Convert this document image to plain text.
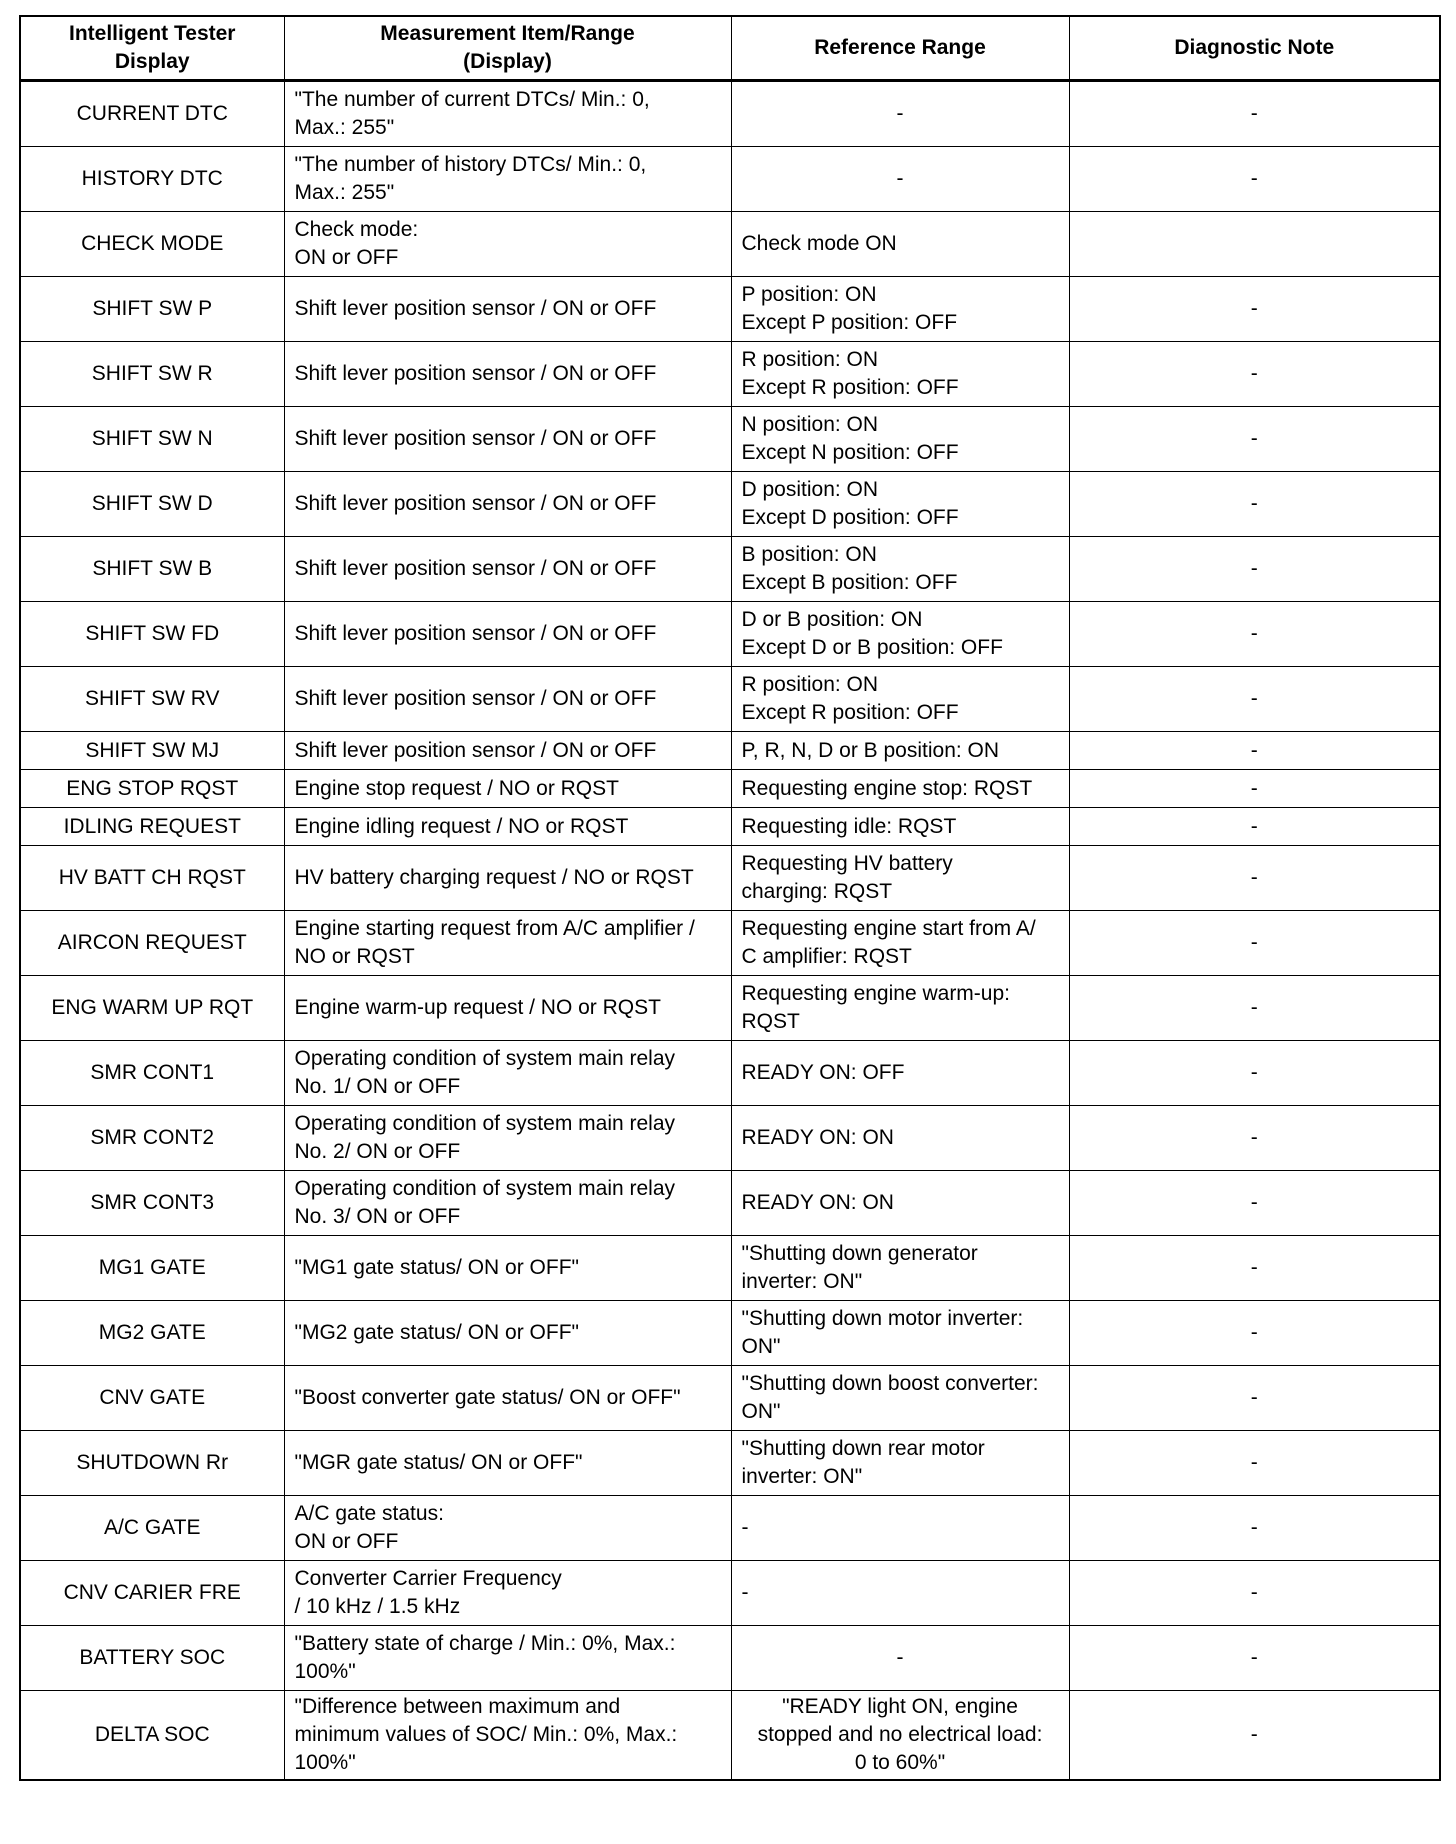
Intelligent Tester
Display	Measurement Item/Range
(Display)	Reference Range	Diagnostic Note

CURRENT DTC	"The number of current DTCs/ Min.: 0,
Max.: 255"	-	-

HISTORY DTC	"The number of history DTCs/ Min.: 0,
Max.: 255"	-	-

CHECK MODE	Check mode:
ON or OFF	Check mode ON	

SHIFT SW P	Shift lever position sensor / ON or OFF	P position: ON
Except P position: OFF	-

SHIFT SW R	Shift lever position sensor / ON or OFF	R position: ON
Except R position: OFF	-

SHIFT SW N	Shift lever position sensor / ON or OFF	N position: ON
Except N position: OFF	-

SHIFT SW D	Shift lever position sensor / ON or OFF	D position: ON
Except D position: OFF	-

SHIFT SW B	Shift lever position sensor / ON or OFF	B position: ON
Except B position: OFF	-

SHIFT SW FD	Shift lever position sensor / ON or OFF	D or B position: ON
Except D or B position: OFF	-

SHIFT SW RV	Shift lever position sensor / ON or OFF	R position: ON
Except R position: OFF	-

SHIFT SW MJ	Shift lever position sensor / ON or OFF	P, R, N, D or B position: ON	-

ENG STOP RQST	Engine stop request / NO or RQST	Requesting engine stop: RQST	-

IDLING REQUEST	Engine idling request / NO or RQST	Requesting idle: RQST	-

HV BATT CH RQST	HV battery charging request / NO or RQST	Requesting HV battery
charging: RQST	-

AIRCON REQUEST	Engine starting request from A/C amplifier /
NO or RQST	Requesting engine start from A/
C amplifier: RQST	-

ENG WARM UP RQT	Engine warm-up request / NO or RQST	Requesting engine warm-up:
RQST	-

SMR CONT1	Operating condition of system main relay
No. 1/ ON or OFF	READY ON: OFF	-

SMR CONT2	Operating condition of system main relay
No. 2/ ON or OFF	READY ON: ON	-

SMR CONT3	Operating condition of system main relay
No. 3/ ON or OFF	READY ON: ON	-

MG1 GATE	"MG1 gate status/ ON or OFF"	"Shutting down generator
inverter: ON"	-

MG2 GATE	"MG2 gate status/ ON or OFF"	"Shutting down motor inverter:
ON"	-

CNV GATE	"Boost converter gate status/ ON or OFF"	"Shutting down boost converter:
ON"	-

SHUTDOWN Rr	"MGR gate status/ ON or OFF"	"Shutting down rear motor
inverter: ON"	-

A/C GATE	A/C gate status:
ON or OFF	-	-

CNV CARIER FRE	Converter Carrier Frequency
/ 10 kHz / 1.5 kHz	-	-

BATTERY SOC	"Battery state of charge / Min.: 0%, Max.:
100%"	-	-

DELTA SOC	"Difference between maximum and
minimum values of SOC/ Min.: 0%, Max.:
100%"	"READY light ON, engine
stopped and no electrical load:
0 to 60%"	-
